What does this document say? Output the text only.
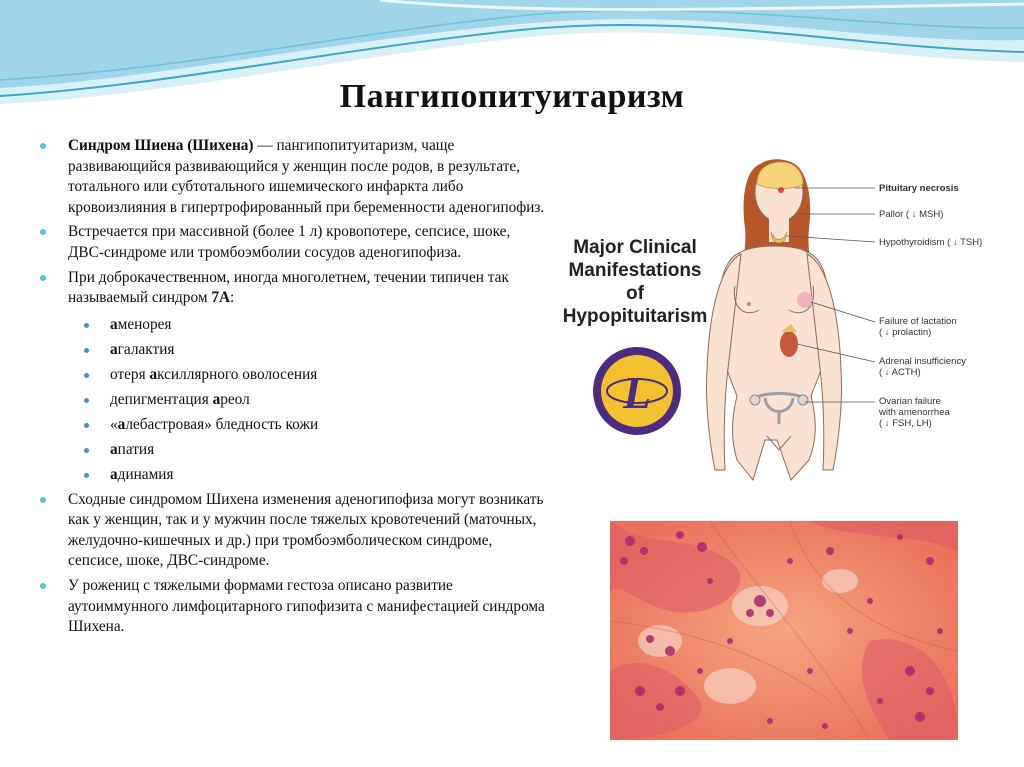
Пангипопитуитаризм
Синдром Шиена (Шихена) — пангипопитуитаризм, чаще развивающийся развивающийся у женщин после родов, в результате, тотального или субтотального ишемического инфаркта либо кровоизлияния в гипертрофированный при беременности аденогипофиз.
Встречается при массивной (более 1 л) кровопотере, сепсисе, шоке, ДВС-синдроме или тромбоэмболии сосудов аденогипофиза.
При доброкачественном, иногда многолетнем, течении типичен так называемый синдром 7А:
аменорея
агалактия
отеря аксиллярного оволосения
депигментация ареол
«алебастровая» бледность кожи
апатия
адинамия
Сходные синдромом Шихена изменения аденогипофиза могут возникать как у женщин, так и у мужчин после тяжелых кровотечений (маточных, желудочно-кишечных и др.) при тромбоэмболическом синдроме, сепсисе, шоке, ДВС-синдроме.
У рожениц с тяжелыми формами гестоза описано развитие аутоиммунного лимфоцитарного гипофизита с манифестацией синдрома Шихена.
Major Clinical
Manifestations
of
Hypopituitarism
L
Pituitary necrosis
Pallor ( ↓ MSH)
Hypothyroidism ( ↓ TSH)
Failure of lactation
( ↓ prolactin)
Adrenal insufficiency
( ↓ ACTH)
Ovarian failure
with amenorrhea
( ↓ FSH, LH)
